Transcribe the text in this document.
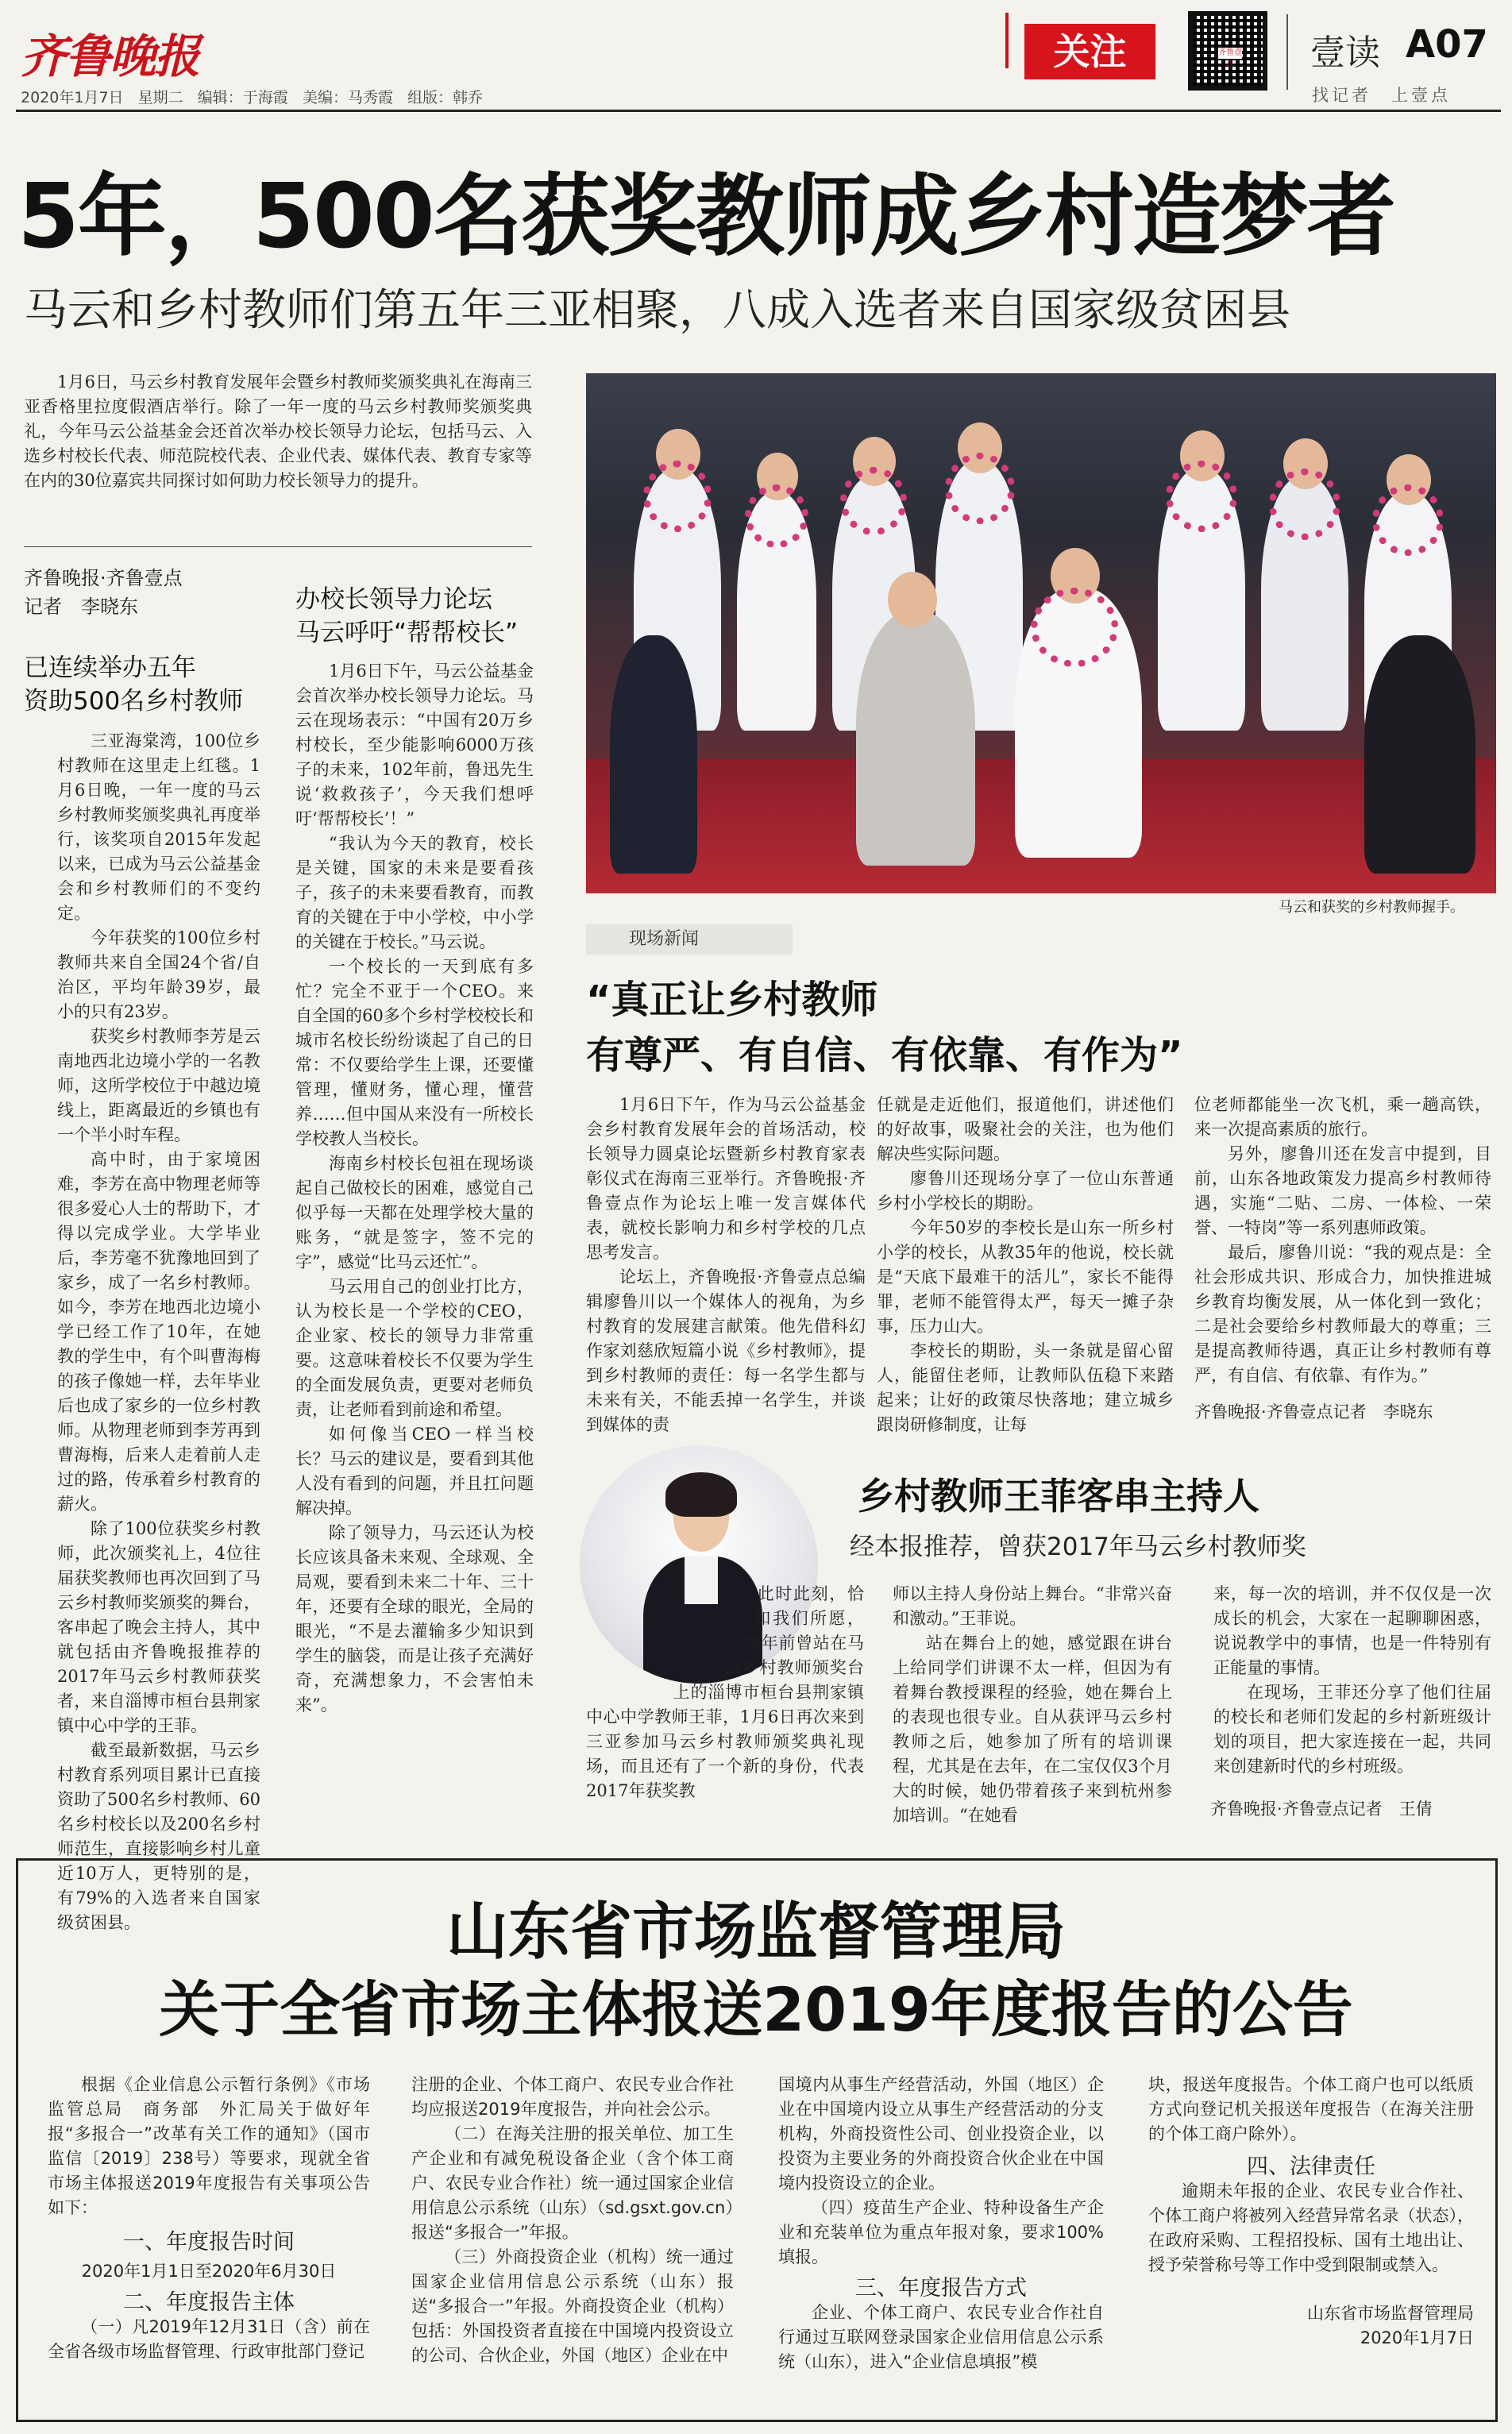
齐鲁晚报
2020年1月7日 星期二 编辑：于海霞 美编：马秀霞 组版：韩乔
关注	齐鲁壹点 壹读 A07
找记者　上壹点
5年，500名获奖教师成乡村造梦者
马云和乡村教师们第五年三亚相聚，八成入选者来自国家级贫困县

1月6日，马云乡村教育发展年会暨乡村教师奖颁奖典礼在海南三亚香格里拉度假酒店举行。除了一年一度的马云乡村教师奖颁奖典礼，今年马云公益基金会还首次举办校长领导力论坛，包括马云、入选乡村校长代表、师范院校代表、企业代表、媒体代表、教育专家等在内的30位嘉宾共同探讨如何助力校长领导力的提升。

齐鲁晚报·齐鲁壹点
记者　李晓东
已连续举办五年
资助500名乡村教师

三亚海棠湾，100位乡村教师在这里走上红毯。1月6日晚，一年一度的马云乡村教师奖颁奖典礼再度举行，该奖项自2015年发起以来，已成为马云公益基金会和乡村教师们的不变约定。

今年获奖的100位乡村教师共来自全国24个省/自治区，平均年龄39岁，最小的只有23岁。

获奖乡村教师李芳是云南地西北边境小学的一名教师，这所学校位于中越边境线上，距离最近的乡镇也有一个半小时车程。

高中时，由于家境困难，李芳在高中物理老师等很多爱心人士的帮助下，才得以完成学业。大学毕业后，李芳毫不犹豫地回到了家乡，成了一名乡村教师。如今，李芳在地西北边境小学已经工作了10年，在她教的学生中，有个叫曹海梅的孩子像她一样，去年毕业后也成了家乡的一位乡村教师。从物理老师到李芳再到曹海梅，后来人走着前人走过的路，传承着乡村教育的薪火。

除了100位获奖乡村教师，此次颁奖礼上，4位往届获奖教师也再次回到了马云乡村教师奖颁奖的舞台，客串起了晚会主持人，其中就包括由齐鲁晚报推荐的2017年马云乡村教师获奖者，来自淄博市桓台县荆家镇中心中学的王菲。

截至最新数据，马云乡村教育系列项目累计已直接资助了500名乡村教师、60名乡村校长以及200名乡村师范生，直接影响乡村儿童近10万人，更特别的是，有79%的入选者来自国家级贫困县。

办校长领导力论坛
马云呼吁“帮帮校长”

1月6日下午，马云公益基金会首次举办校长领导力论坛。马云在现场表示：“中国有20万乡村校长，至少能影响6000万孩子的未来，102年前，鲁迅先生说‘救救孩子’，今天我们想呼吁‘帮帮校长’！”

“我认为今天的教育，校长是关键，国家的未来是要看孩子，孩子的未来要看教育，而教育的关键在于中小学校，中小学的关键在于校长。”马云说。

一个校长的一天到底有多忙？完全不亚于一个CEO。来自全国的60多个乡村学校校长和城市名校长纷纷谈起了自己的日常：不仅要给学生上课，还要懂管理，懂财务，懂心理，懂营养……但中国从来没有一所校长学校教人当校长。

海南乡村校长包祖在现场谈起自己做校长的困难，感觉自己似乎每一天都在处理学校大量的账务，“就是签字，签不完的字”，感觉“比马云还忙”。

马云用自己的创业打比方，认为校长是一个学校的CEO，企业家、校长的领导力非常重要。这意味着校长不仅要为学生的全面发展负责，更要对老师负责，让老师看到前途和希望。

如何像当CEO一样当校长？马云的建议是，要看到其他人没有看到的问题，并且扛问题解决掉。

除了领导力，马云还认为校长应该具备未来观、全球观、全局观，要看到未来二十年、三十年，还要有全球的眼光，全局的眼光，“不是去灌输多少知识到学生的脑袋，而是让孩子充满好奇，充满想象力，不会害怕未来”。

马云和获奖的乡村教师握手。
现场新闻
“真正让乡村教师
有尊严、有自信、有依靠、有作为”

1月6日下午，作为马云公益基金会乡村教育发展年会的首场活动，校长领导力圆桌论坛暨新乡村教育家表彰仪式在海南三亚举行。齐鲁晚报·齐鲁壹点作为论坛上唯一发言媒体代表，就校长影响力和乡村学校的几点思考发言。

论坛上，齐鲁晚报·齐鲁壹点总编辑廖鲁川以一个媒体人的视角，为乡村教育的发展建言献策。他先借科幻作家刘慈欣短篇小说《乡村教师》，提到乡村教师的责任：每一名学生都与未来有关，不能丢掉一名学生，并谈到媒体的责

任就是走近他们，报道他们，讲述他们的好故事，吸聚社会的关注，也为他们解决些实际问题。

廖鲁川还现场分享了一位山东普通乡村小学校长的期盼。

今年50岁的李校长是山东一所乡村小学的校长，从教35年的他说，校长就是“天底下最难干的活儿”，家长不能得罪，老师不能管得太严，每天一摊子杂事，压力山大。

李校长的期盼，头一条就是留心留人，能留住老师，让教师队伍稳下来踏起来；让好的政策尽快落地；建立城乡跟岗研修制度，让每

位老师都能坐一次飞机，乘一趟高铁，来一次提高素质的旅行。

另外，廖鲁川还在发言中提到，目前，山东各地政策发力提高乡村教师待遇，实施“二贴、二房、一体检、一荣誉、一特岗”等一系列惠师政策。

最后，廖鲁川说：“我的观点是：全社会形成共识、形成合力，加快推进城乡教育均衡发展，从一体化到一致化；二是社会要给乡村教师最大的尊重；三是提高教师待遇，真正让乡村教师有尊严，有自信、有依靠、有作为。”

齐鲁晚报·齐鲁壹点记者　李晓东
乡村教师王菲客串主持人
经本报推荐，曾获2017年马云乡村教师奖
此时此刻，恰如我们所愿，两年前曾站在马云乡村教师颁奖台上的淄博市桓台县荆家镇中心中学教师王菲，1月6日再次来到三亚参加马云乡村教师颁奖典礼现场，而且还有了一个新的身份，代表2017年获奖教

师以主持人身份站上舞台。“非常兴奋和激动。”王菲说。

站在舞台上的她，感觉跟在讲台上给同学们讲课不太一样，但因为有着舞台教授课程的经验，她在舞台上的表现也很专业。自从获评马云乡村教师之后，她参加了所有的培训课程，尤其是在去年，在二宝仅仅3个月大的时候，她仍带着孩子来到杭州参加培训。“在她看

来，每一次的培训，并不仅仅是一次成长的机会，大家在一起聊聊困惑，说说教学中的事情，也是一件特别有正能量的事情。

在现场，王菲还分享了他们往届的校长和老师们发起的乡村新班级计划的项目，把大家连接在一起，共同来创建新时代的乡村班级。

齐鲁晚报·齐鲁壹点记者　王倩
山东省市场监督管理局
关于全省市场主体报送2019年度报告的公告

根据《企业信息公示暂行条例》《市场监管总局　商务部　外汇局关于做好年报“多报合一”改革有关工作的通知》（国市监信〔2019〕238号）等要求，现就全省市场主体报送2019年度报告有关事项公告如下：

一、年度报告时间
2020年1月1日至2020年6月30日
二、年度报告主体

（一）凡2019年12月31日（含）前在全省各级市场监督管理、行政审批部门登记

注册的企业、个体工商户、农民专业合作社均应报送2019年度报告，并向社会公示。

（二）在海关注册的报关单位、加工生产企业和有减免税设备企业（含个体工商户、农民专业合作社）统一通过国家企业信用信息公示系统（山东）（sd.gsxt.gov.cn）报送“多报合一”年报。

（三）外商投资企业（机构）统一通过国家企业信用信息公示系统（山东）报送“多报合一”年报。外商投资企业（机构）包括：外国投资者直接在中国境内投资设立的公司、合伙企业，外国（地区）企业在中

国境内从事生产经营活动，外国（地区）企业在中国境内设立从事生产经营活动的分支机构，外商投资性公司、创业投资企业，以投资为主要业务的外商投资合伙企业在中国境内投资设立的企业。

（四）疫苗生产企业、特种设备生产企业和充装单位为重点年报对象，要求100%填报。

三、年度报告方式

企业、个体工商户、农民专业合作社自行通过互联网登录国家企业信用信息公示系统（山东），进入“企业信息填报”模

块，报送年度报告。个体工商户也可以纸质方式向登记机关报送年度报告（在海关注册的个体工商户除外）。

四、法律责任

逾期未年报的企业、农民专业合作社、个体工商户将被列入经营异常名录（状态），在政府采购、工程招投标、国有土地出让、授予荣誉称号等工作中受到限制或禁入。

山东省市场监督管理局
2020年1月7日
